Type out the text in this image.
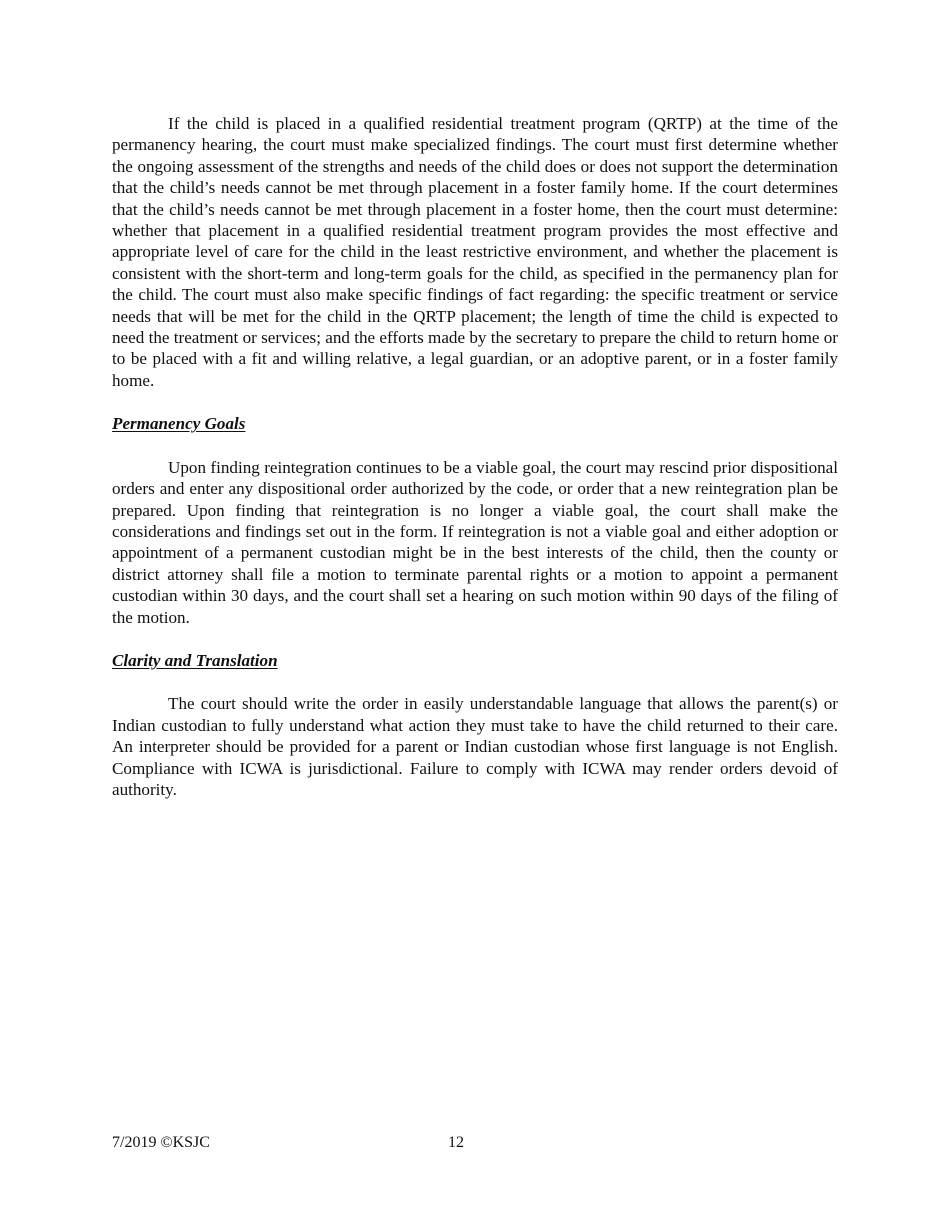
If the child is placed in a qualified residential treatment program (QRTP) at the time of the permanency hearing, the court must make specialized findings. The court must first determine whether the ongoing assessment of the strengths and needs of the child does or does not support the determination that the child’s needs cannot be met through placement in a foster family home. If the court determines that the child’s needs cannot be met through placement in a foster home, then the court must determine: whether that placement in a qualified residential treatment program provides the most effective and appropriate level of care for the child in the least restrictive environment, and whether the placement is consistent with the short-term and long-term goals for the child, as specified in the permanency plan for the child. The court must also make specific findings of fact regarding: the specific treatment or service needs that will be met for the child in the QRTP placement; the length of time the child is expected to need the treatment or services; and the efforts made by the secretary to prepare the child to return home or to be placed with a fit and willing relative, a legal guardian, or an adoptive parent, or in a foster family home.

Permanency Goals

Upon finding reintegration continues to be a viable goal, the court may rescind prior dispositional orders and enter any dispositional order authorized by the code, or order that a new reintegration plan be prepared. Upon finding that reintegration is no longer a viable goal, the court shall make the considerations and findings set out in the form. If reintegration is not a viable goal and either adoption or appointment of a permanent custodian might be in the best interests of the child, then the county or district attorney shall file a motion to terminate parental rights or a motion to appoint a permanent custodian within 30 days, and the court shall set a hearing on such motion within 90 days of the filing of the motion.

Clarity and Translation

The court should write the order in easily understandable language that allows the parent(s) or Indian custodian to fully understand what action they must take to have the child returned to their care. An interpreter should be provided for a parent or Indian custodian whose first language is not English. Compliance with ICWA is jurisdictional. Failure to comply with ICWA may render orders devoid of authority.

7/2019 ©KSJC	12
